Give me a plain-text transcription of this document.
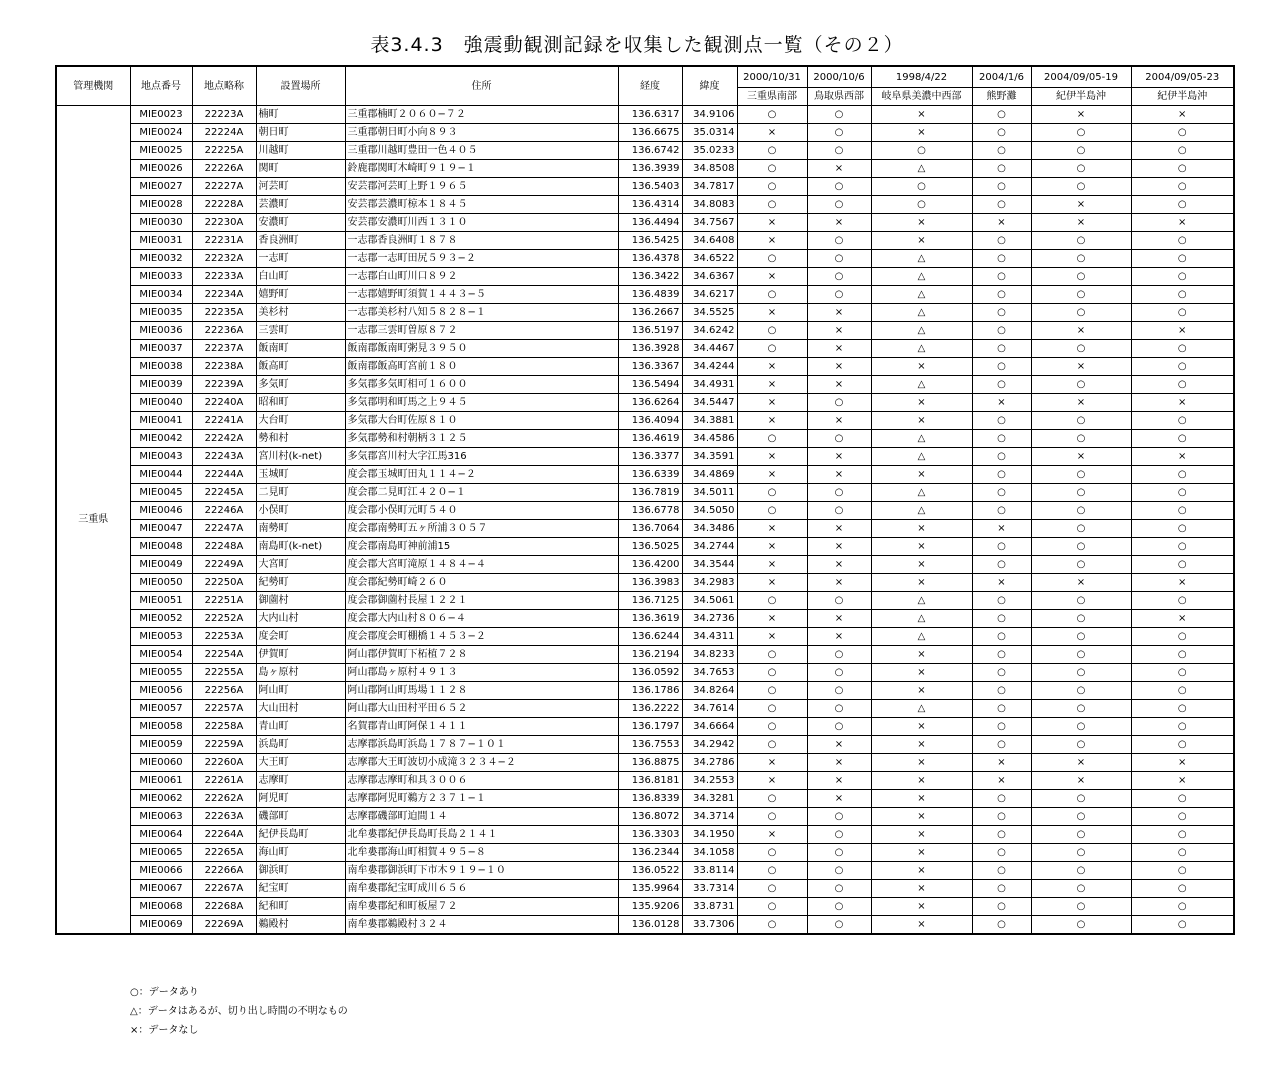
表3.4.3　強震動観測記録を収集した観測点一覧（その２）
管理機関	地点番号	地点略称	設置場所	住所	経度	緯度	2000/10/31	2000/10/6	1998/4/22	2004/1/6	2004/09/05-19	2004/09/05-23
							三重県南部	鳥取県西部	岐阜県美濃中西部	熊野灘	紀伊半島沖	紀伊半島沖
三重県	MIE0023	22223A	楠町	三重郡楠町２０６０−７２	136.6317	34.9106	○	○	×	○	×	×
	MIE0024	22224A	朝日町	三重郡朝日町小向８９３	136.6675	35.0314	×	○	×	○	○	○
	MIE0025	22225A	川越町	三重郡川越町豊田一色４０５	136.6742	35.0233	○	○	○	○	○	○
	MIE0026	22226A	関町	鈴鹿郡関町木崎町９１９−１	136.3939	34.8508	○	×	△	○	○	○
	MIE0027	22227A	河芸町	安芸郡河芸町上野１９６５	136.5403	34.7817	○	○	○	○	○	○
	MIE0028	22228A	芸濃町	安芸郡芸濃町椋本１８４５	136.4314	34.8083	○	○	○	○	×	○
	MIE0030	22230A	安濃町	安芸郡安濃町川西１３１０	136.4494	34.7567	×	×	×	×	×	×
	MIE0031	22231A	香良洲町	一志郡香良洲町１８７８	136.5425	34.6408	×	○	×	○	○	○
	MIE0032	22232A	一志町	一志郡一志町田尻５９３−２	136.4378	34.6522	○	○	△	○	○	○
	MIE0033	22233A	白山町	一志郡白山町川口８９２	136.3422	34.6367	×	○	△	○	○	○
	MIE0034	22234A	嬉野町	一志郡嬉野町須賀１４４３−５	136.4839	34.6217	○	○	△	○	○	○
	MIE0035	22235A	美杉村	一志郡美杉村八知５８２８−１	136.2667	34.5525	×	×	△	○	○	○
	MIE0036	22236A	三雲町	一志郡三雲町曽原８７２	136.5197	34.6242	○	×	△	○	×	×
	MIE0037	22237A	飯南町	飯南郡飯南町粥見３９５０	136.3928	34.4467	○	×	△	○	○	○
	MIE0038	22238A	飯高町	飯南郡飯高町宮前１８０	136.3367	34.4244	×	×	×	○	×	○
	MIE0039	22239A	多気町	多気郡多気町相可１６００	136.5494	34.4931	×	×	△	○	○	○
	MIE0040	22240A	昭和町	多気郡明和町馬之上９４５	136.6264	34.5447	×	○	×	×	×	×
	MIE0041	22241A	大台町	多気郡大台町佐原８１０	136.4094	34.3881	×	×	×	○	○	○
	MIE0042	22242A	勢和村	多気郡勢和村朝柄３１２５	136.4619	34.4586	○	○	△	○	○	○
	MIE0043	22243A	宮川村(k-net)	多気郡宮川村大字江馬316	136.3377	34.3591	×	×	△	○	×	×
	MIE0044	22244A	玉城町	度会郡玉城町田丸１１４−２	136.6339	34.4869	×	×	×	○	○	○
	MIE0045	22245A	二見町	度会郡二見町江４２０−１	136.7819	34.5011	○	○	△	○	○	○
	MIE0046	22246A	小俣町	度会郡小俣町元町５４０	136.6778	34.5050	○	○	△	○	○	○
	MIE0047	22247A	南勢町	度会郡南勢町五ヶ所浦３０５７	136.7064	34.3486	×	×	×	×	○	○
	MIE0048	22248A	南島町(k-net)	度会郡南島町神前浦15	136.5025	34.2744	×	×	×	○	○	○
	MIE0049	22249A	大宮町	度会郡大宮町滝原１４８４−４	136.4200	34.3544	×	×	×	○	○	○
	MIE0050	22250A	紀勢町	度会郡紀勢町崎２６０	136.3983	34.2983	×	×	×	×	×	×
	MIE0051	22251A	御薗村	度会郡御薗村長屋１２２１	136.7125	34.5061	○	○	△	○	○	○
	MIE0052	22252A	大内山村	度会郡大内山村８０６−４	136.3619	34.2736	×	×	△	○	○	×
	MIE0053	22253A	度会町	度会郡度会町棚橋１４５３−２	136.6244	34.4311	×	×	△	○	○	○
	MIE0054	22254A	伊賀町	阿山郡伊賀町下柘植７２８	136.2194	34.8233	○	○	×	○	○	○
	MIE0055	22255A	島ヶ原村	阿山郡島ヶ原村４９１３	136.0592	34.7653	○	○	×	○	○	○
	MIE0056	22256A	阿山町	阿山郡阿山町馬場１１２８	136.1786	34.8264	○	○	×	○	○	○
	MIE0057	22257A	大山田村	阿山郡大山田村平田６５２	136.2222	34.7614	○	○	△	○	○	○
	MIE0058	22258A	青山町	名賀郡青山町阿保１４１１	136.1797	34.6664	○	○	×	○	○	○
	MIE0059	22259A	浜島町	志摩郡浜島町浜島１７８７−１０１	136.7553	34.2942	○	×	×	○	○	○
	MIE0060	22260A	大王町	志摩郡大王町波切小成滝３２３４−２	136.8875	34.2786	×	×	×	×	×	×
	MIE0061	22261A	志摩町	志摩郡志摩町和具３００６	136.8181	34.2553	×	×	×	×	×	×
	MIE0062	22262A	阿児町	志摩郡阿児町鵜方２３７１−１	136.8339	34.3281	○	×	×	○	○	○
	MIE0063	22263A	磯部町	志摩郡磯部町迫間１４	136.8072	34.3714	○	○	×	○	○	○
	MIE0064	22264A	紀伊長島町	北牟婁郡紀伊長島町長島２１４１	136.3303	34.1950	×	○	×	○	○	○
	MIE0065	22265A	海山町	北牟婁郡海山町相賀４９５−８	136.2344	34.1058	○	○	×	○	○	○
	MIE0066	22266A	御浜町	南牟婁郡御浜町下市木９１９−１０	136.0522	33.8114	○	○	×	○	○	○
	MIE0067	22267A	紀宝町	南牟婁郡紀宝町成川６５６	135.9964	33.7314	○	○	×	○	○	○
	MIE0068	22268A	紀和町	南牟婁郡紀和町板屋７２	135.9206	33.8731	○	○	×	○	○	○
	MIE0069	22269A	鵜殿村	南牟婁郡鵜殿村３２４	136.0128	33.7306	○	○	×	○	○	○
○：データあり
△：データはあるが、切り出し時間の不明なもの
×：データなし
